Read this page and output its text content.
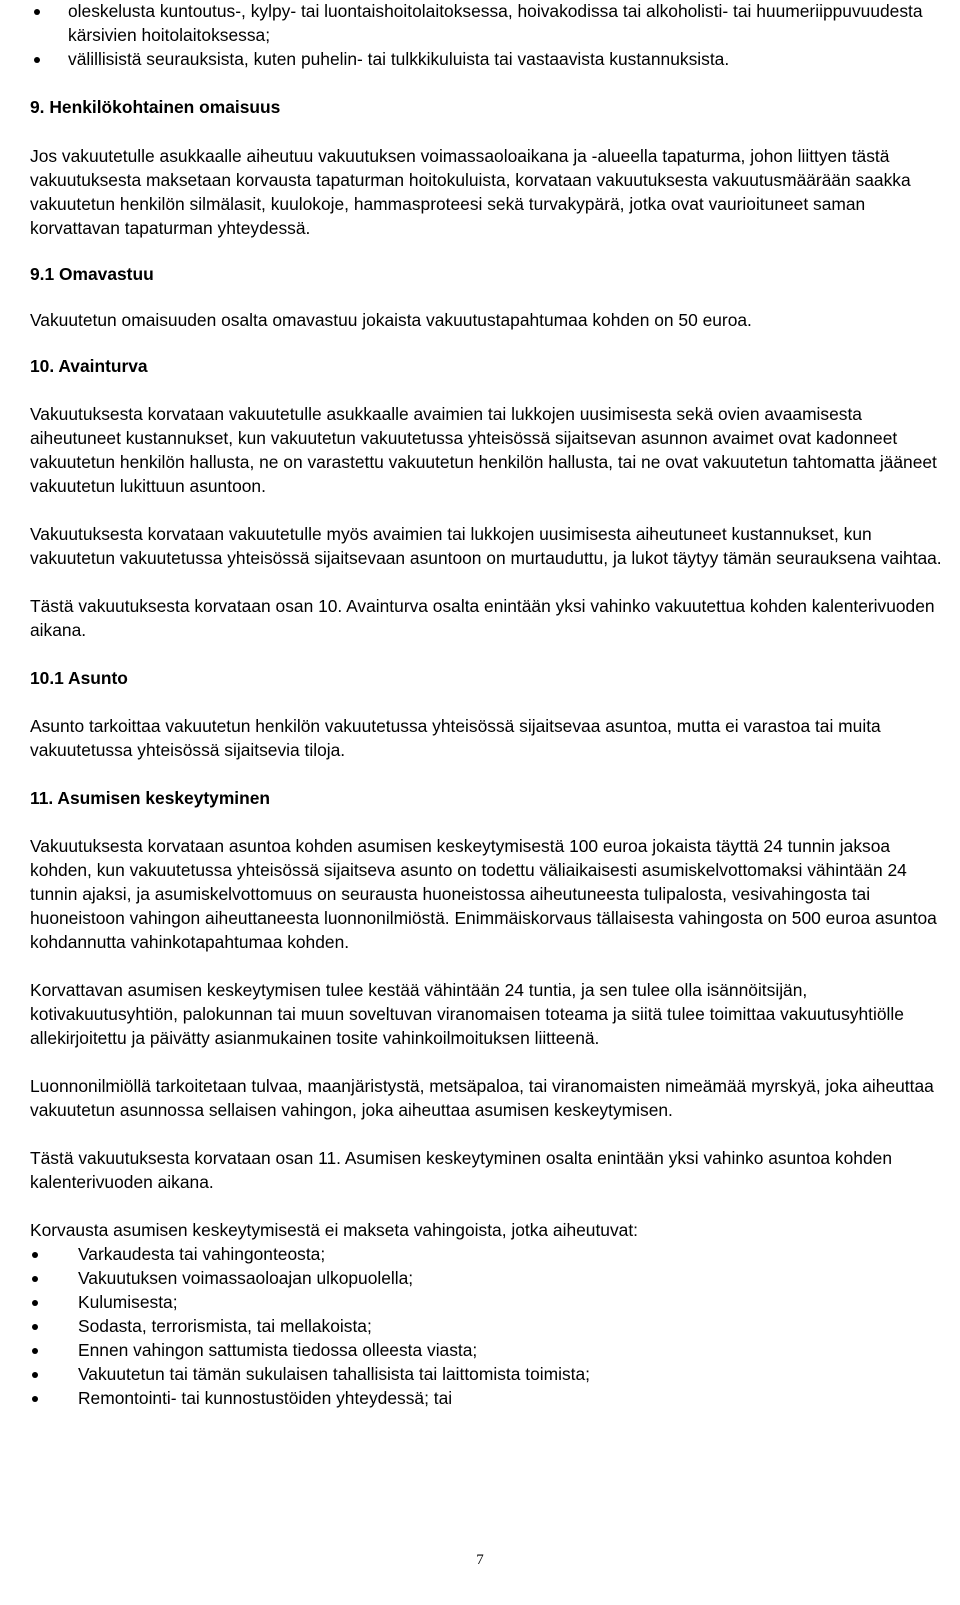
oleskelusta kuntoutus-, kylpy- tai luontaishoitolaitoksessa, hoivakodissa tai alkoholisti- tai huumeriippuvuudesta kärsivien hoitolaitoksessa;
välillisistä seurauksista, kuten puhelin- tai tulkkikuluista tai vastaavista kustannuksista.
9. Henkilökohtainen omaisuus

Jos vakuutetulle asukkaalle aiheutuu vakuutuksen voimassaoloaikana ja -alueella tapaturma, johon liittyen tästä vakuutuksesta maksetaan korvausta tapaturman hoitokuluista, korvataan vakuutuksesta vakuutusmäärään saakka vakuutetun henkilön silmälasit, kuulokoje, hammasproteesi sekä turvakypärä, jotka ovat vaurioituneet saman korvattavan tapaturman yhteydessä.

9.1 Omavastuu

Vakuutetun omaisuuden osalta omavastuu jokaista vakuutustapahtumaa kohden on 50 euroa.

10. Avainturva

Vakuutuksesta korvataan vakuutetulle asukkaalle avaimien tai lukkojen uusimisesta sekä ovien avaamisesta aiheutuneet kustannukset, kun vakuutetun vakuutetussa yhteisössä sijaitsevan asunnon avaimet ovat kadonneet vakuutetun henkilön hallusta, ne on varastettu vakuutetun henkilön hallusta, tai ne ovat vakuutetun tahtomatta jääneet vakuutetun lukittuun asuntoon.

Vakuutuksesta korvataan vakuutetulle myös avaimien tai lukkojen uusimisesta aiheutuneet kustannukset, kun vakuutetun vakuutetussa yhteisössä sijaitsevaan asuntoon on murtauduttu, ja lukot täytyy tämän seurauksena vaihtaa.

Tästä vakuutuksesta korvataan osan 10. Avainturva osalta enintään yksi vahinko vakuutettua kohden kalenterivuoden aikana.

10.1 Asunto

Asunto tarkoittaa vakuutetun henkilön vakuutetussa yhteisössä sijaitsevaa asuntoa, mutta ei varastoa tai muita vakuutetussa yhteisössä sijaitsevia tiloja.

11. Asumisen keskeytyminen

Vakuutuksesta korvataan asuntoa kohden asumisen keskeytymisestä 100 euroa jokaista täyttä 24 tunnin jaksoa kohden, kun vakuutetussa yhteisössä sijaitseva asunto on todettu väliaikaisesti asumiskelvottomaksi vähintään 24 tunnin ajaksi, ja asumiskelvottomuus on seurausta huoneistossa aiheutuneesta tulipalosta, vesivahingosta tai huoneistoon vahingon aiheuttaneesta luonnonilmiöstä. Enimmäiskorvaus tällaisesta vahingosta on 500 euroa asuntoa kohdannutta vahinkotapahtumaa kohden.

Korvattavan asumisen keskeytymisen tulee kestää vähintään 24 tuntia, ja sen tulee olla isännöitsijän, kotivakuutusyhtiön, palokunnan tai muun soveltuvan viranomaisen toteama ja siitä tulee toimittaa vakuutusyhtiölle allekirjoitettu ja päivätty asianmukainen tosite vahinkoilmoituksen liitteenä.

Luonnonilmiöllä tarkoitetaan tulvaa, maanjäristystä, metsäpaloa, tai viranomaisten nimeämää myrskyä, joka aiheuttaa vakuutetun asunnossa sellaisen vahingon, joka aiheuttaa asumisen keskeytymisen.

Tästä vakuutuksesta korvataan osan 11. Asumisen keskeytyminen osalta enintään yksi vahinko asuntoa kohden kalenterivuoden aikana.

Korvausta asumisen keskeytymisestä ei makseta vahingoista, jotka aiheutuvat:

Varkaudesta tai vahingonteosta;
Vakuutuksen voimassaoloajan ulkopuolella;
Kulumisesta;
Sodasta, terrorismista, tai mellakoista;
Ennen vahingon sattumista tiedossa olleesta viasta;
Vakuutetun tai tämän sukulaisen tahallisista tai laittomista toimista;
Remontointi- tai kunnostustöiden yhteydessä; tai
7
